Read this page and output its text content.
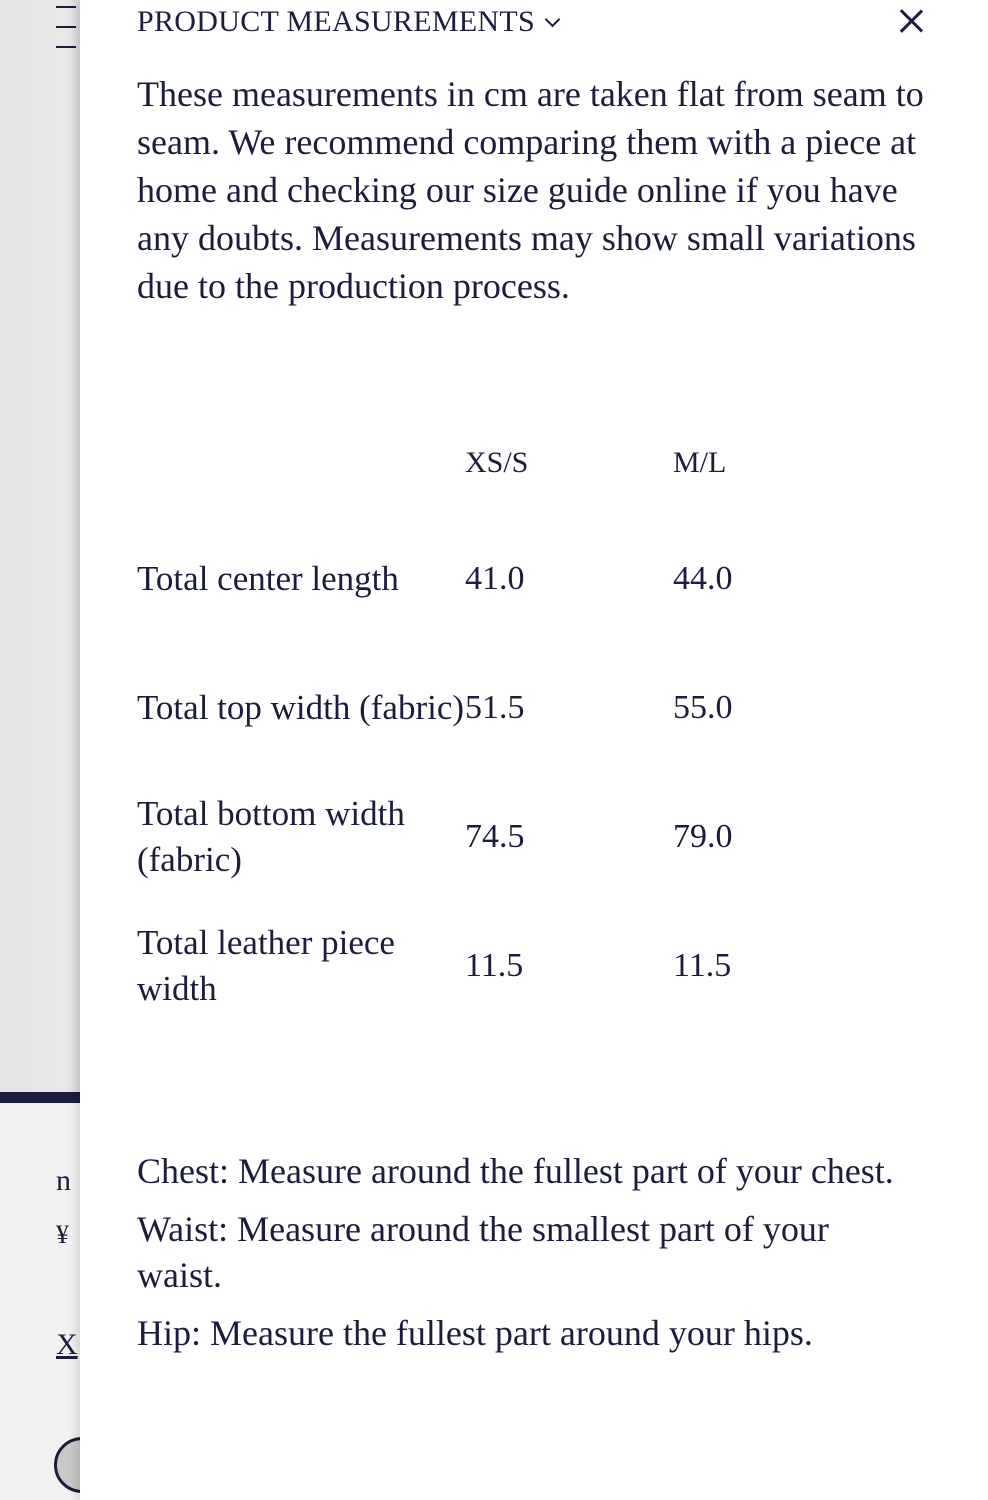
n
¥
X
PRODUCT MEASUREMENTS

These measurements in cm are taken flat from seam to seam. We recommend comparing them with a piece at home and checking our size guide online if you have any doubts. Measurements may show small variations due to the production process.

	XS/S	M/L

Total center length	41.0	44.0
Total top width (fabric)	51.5	55.0
Total bottom width (fabric)	74.5	79.0
Total leather piece width	11.5	11.5

Chest: Measure around the fullest part of your chest.

Waist: Measure around the smallest part of your waist.

Hip: Measure the fullest part around your hips.
